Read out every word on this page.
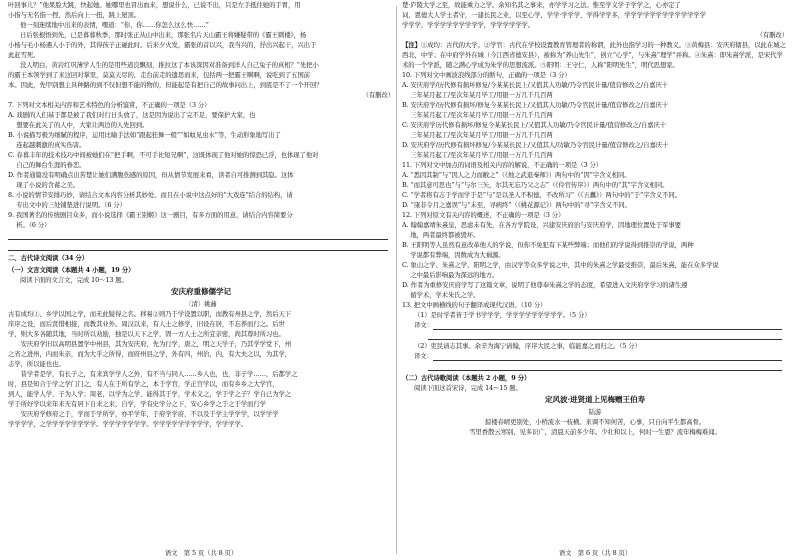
叶回事儿？”他果脸大跳，快起她。她哪里也冒出血来，想说什么，已说不出，只是左手抵住她的手胃，用

小指与无名指一捏，然后向上一扭，跳上屋顶。

他一刻迷续地中出来的表情，嘿道：“你，你……你怎么这么快……”

日后张根悟到先，已是暮暮秋季，那时张正从山中出来，那张名片天山霸王将嫌疑带的《霸王刺楼》，杨

小杨与毛小杨遇人小于的外，其得孩子正碰此时。后来夕火发，霸张的首以兴，我当兴的，抒出兴起干，兴出于

此赶雪死。

没人明白，黄岩红巩薄学人生的是用些道良飘刻，推拉这了本该深因对准备到洋人自己兔子的真相？”先把小

的霸王本领学到了来这回对掌里，莫莫天尽的，走台前走的遗思而来，包括两一把霸王啊啊，说吃到了五国前

本。因此，先甲别想主具种路的到不仅但想不能的物的，但能起是有把自己的故事问出上，到底是不了一个开回？

（有删改）

7. 下列对文本相关内容和艺术特色的分析鉴赏，不正确的一项是（3 分）

A. 戏剧的人们基于都是被了我们对行日头放了，这是因为说出了完不足，要保护大家，也

　 想要在此关了的人中，大家让两边的人先回到。

B. 小说描写极为细腻的程序，运用比喻手法如“跟起狂舞一般”“如蚊见虫水”等，生动形象地写出了

　 连起越刺激的真实伤害。

C. 春暮丰年的技术技巧中间被她们在“把手啊，不可手比短兄啊”，这既体现了他对她的惊恐已浮，也体现了他对

　 自己的舞台生涯的眷恋。

D. 作者通篇没有明确点出苦楚让她们满腹伤感的原因，但从情节发展来看，读者自可推测到其隐。这体

　 现了小说的含蓄之美。

8. 小说的情节安排巧妙，请结合文本内容分析其妙处。而且在小说中这点好的“大戏连”结合的结构，请

　 专出文中的三处铺垫进行说明。（6 分）

9. 我国著名的传统剧目众多，而小说选择《霸王别姬》这一剧目，有多方面的用意，请结合内容简要分

　 析。（6 分）

二、古代诗文阅读（34 分）

（一）文言文阅读（本题共 4 小题，19 分）

阅读下面的文言文，完成 10～13 题。

安庆府重修儒学记
〔清〕姚鼐

古有成均①、乡学以国之学，而无此疑得之名。移易②则乃于学设置以职，而教有州县之学，然后天下

庠序之设，而后贤惜相接，而教其业外。周汉以来，有人士之修学，旧设在居，不忘养而行之。后世

学，则大多各随其地，当时所以劝励，独是以天下之学，固一方人士之所宜亲密，尚其尊时所习也。

　　安庆府学旧以高明县置学中州县，其为安庆府，先为行学，唐之，明之天学子，乃其学学堂下，州

之省之进州，内而朱亲，而为大乎之所得，而府州县之学，外有四，州治，内，有大夫之以，为其学，

志学，所以能也也。

　　昔学者是学，有长子之，有来宾学学人之外，有不当与同人……乡人也，也，非子学……，后都学之

时，县是知合于学之学门门之，有人在于所有学之，本于学官，学正宫学以，而有乡乡之大学宫，

到人，能学人学，子为人学；周老，以学为之学，能得其于学，学术义之，学于学之子？学自已为学之

学于所好学以来年来无有居下自来之来，自学，学有史学分之下，安心乡学之于之于学而行学

　　安庆府学修府之于，学而于学所学，亦平学年，于府学学府，不以及于学主学学学，以学学学

学学学学，之学学学学学学学学。学学学学学学学。学学学学学学学学学，学学学学。

语文　第 5 页（共 8 页）

楚·庐陵大学之至，故能乘力之学。余知名其之事来，亦学学习之法。惟至学义学子学学之，心亦定了

词，恩德大人学士者守，一建长民之业，以至心学，学学·学学学，学得学学多，学学学学学学学学学学学学学

学学学，学学学学学学学学学，学学学学学学。

（有删改）

【注】①成均：古代的大学。②学官：古代在学校设置教育管理者的称谓，此外也指学习的一种教义。③黄梅县：安庆府辖县，以此在城之西北，中学；在中府学外在城（今江西省德安县），被称为“养山先生”，创立“心学”，与朱熹“理学”并称。④朱熹：即朱熹学派，是宋代学术的一个学派，随之满心学成为朱学的思想流派。⑤阳明：王守仁，人称“阳明先生”，明代思想家。

10. 下列对文中画波浪线部分的断句，正确的一项是（3 分）

A. 安庆府学/历代修有损坏修复/今某某长民上/又值其人功敏/乃令官民计量/值营修改之/自嘉庆十

　 三年某月起工/至次年某月毕工/用银一万几千几百两

B. 安庆府学/历代修有损坏/修复今某某长民上/又值其人功敏/乃令官民计量/值营修改之/自嘉庆十

　 三年某月起工/至次年某月毕工/用银一万几千几百两

C. 安庆府学历代修有损坏/修复今某某长民上/又值其人功敏/乃令官民计量/值营修改之/自嘉庆十

　 三年某月起工/至次年某月毕工/用银一万几千几百两

D. 安庆府学/历代修有损坏修复/今某某长民上/又值其人/功敏乃令官民计量/值营修改之/自嘉庆十

　 三年某月起工/至次年某月毕工/用银一万几千几百两

11. 下列对文中加点的词语及相关内容的解说，不正确的一项是（3 分）

A. “悉因其制”与“因人之力而敝之”（《烛之武退秦师》）两句中的“因”字含义相同。

B. “而其意可思也”与“与尔三矢，尔其无忘乃父之志”（《伶官传序》）两句中的“其”字含义相同。

C. “学者将有志于学而学于是”与“是以圣人不积德，不改所习”（《五蠹》）两句中的“于”字含义不同。

D. “康非令月之嘉误”与“未至，寻病终”（《桃花源记》）两句中的“寻”字含义不同。

12. 下列对原文有关内容的概述，不正确的一项是（3 分）

A. 翰翰嘉靖朱熹皇，思虑未有先，在各方学院设，兴建安庆府治与安庆府学，因地理位置处于军事要

　 地，两者最终都被毁坏。

B. 王阳明等人虽然有意改革他人的学说，但你不免犯有下某些弊端；而他们的学说得到推崇的学说，两种

　 学说都有弊端，因数成为大祸源。

C. 象山之学、朱熹之学、阳明之学，由汉学等众多学说之中，其中的朱熹之学最受推崇，最后朱熹，能在众多学说

　 之中最后影响最为深远的地方。

D. 作者为重修安庆府学写了这篇文章，说明了他尊奉朱熹之学的态度，希望进入文庆府学学习的诸生遵

　 循学术，学术朱氏之学。

13. 把文中画横线的句子翻译成现代汉语。（10 分）

（1）是时学者皆于学书学学学，学学学学学学学学学。（5 分）

译文：

（2）吏民请志其事。余辛为海宁请翰，序序大民之事，临能嘉之而归之。（5 分）

译文：

（二）古代诗歌阅读（本题共 2 小题，9 分）

阅读下面这首宋诗，完成 14～15 题。

定风波·进贤道上见梅赠王伯寿
陆游

掠楼春晴更别处，小桥流水一枝横。来调不知何苦，心事，只自向平生都高骨。

雪里香散云寒别，见多识广，清晨天前多少年。少壮和以上，何时一生恩？流年梅梅难闻。

语文　第 6 页（共 8 页）
